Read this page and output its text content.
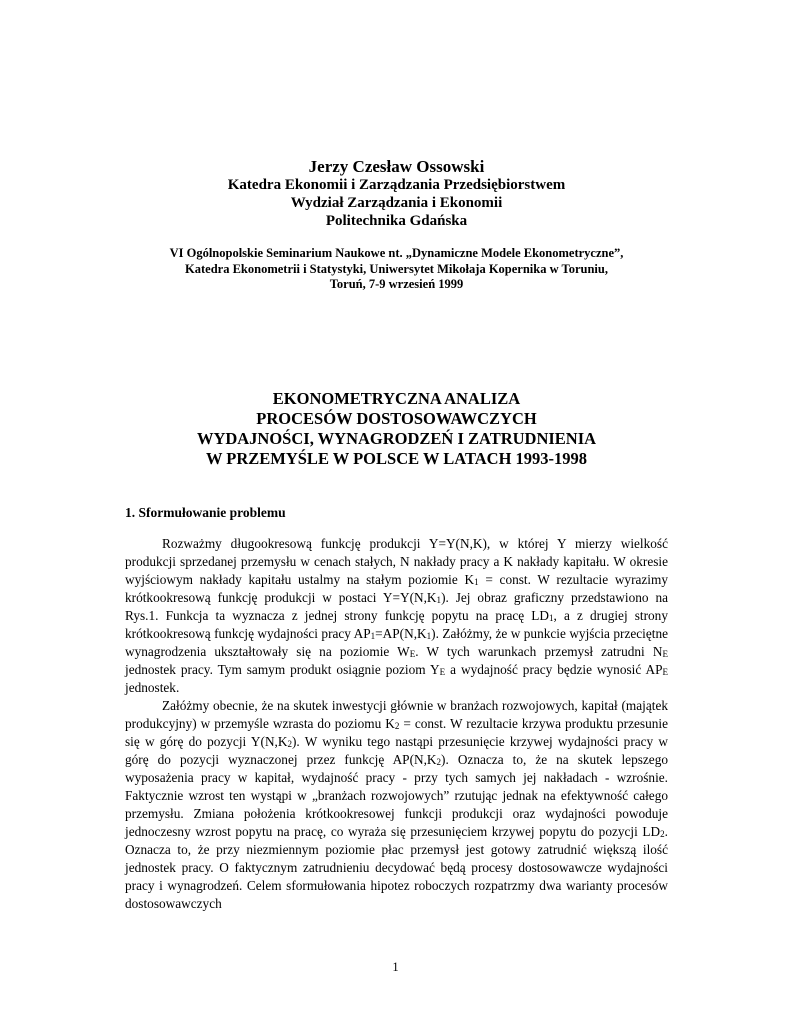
Jerzy Czesław Ossowski
Katedra Ekonomii i Zarządzania Przedsiębiorstwem
Wydział Zarządzania i Ekonomii
Politechnika Gdańska
VI Ogólnopolskie Seminarium Naukowe nt. „Dynamiczne Modele Ekonometryczne”,
Katedra Ekonometrii i Statystyki, Uniwersytet Mikołaja Kopernika w Toruniu,
Toruń, 7-9 wrzesień 1999
EKONOMETRYCZNA ANALIZA
PROCESÓW DOSTOSOWAWCZYCH
WYDAJNOŚCI, WYNAGRODZEŃ I ZATRUDNIENIA
W PRZEMYŚLE W POLSCE W LATACH 1993-1998
1. Sformułowanie problemu

Rozważmy długookresową funkcję produkcji Y=Y(N,K), w której Y mierzy wielkość produkcji sprzedanej przemysłu w cenach stałych, N nakłady pracy a K nakłady kapitału. W okresie wyjściowym nakłady kapitału ustalmy na stałym poziomie $K_1$ = const. W rezultacie wyrazimy krótkookresową funkcję produkcji w postaci $Y=Y(N,K_1)$. Jej obraz graficzny przedstawiono na Rys.1. Funkcja ta wyznacza z jednej strony funkcję popytu na pracę $LD_1$, a z drugiej strony krótkookresową funkcję wydajności pracy $AP_1=AP(N,K_1)$. Załóżmy, że w punkcie wyjścia przeciętne wynagrodzenia ukształtowały się na poziomie $W_E$. W tych warunkach przemysł zatrudni $N_E$ jednostek pracy. Tym samym produkt osiągnie poziom $Y_E$ a wydajność pracy będzie wynosić $AP_E$ jednostek.

Załóżmy obecnie, że na skutek inwestycji głównie w branżach rozwojowych, kapitał (majątek produkcyjny) w przemyśle wzrasta do poziomu $K_2$ = const. W rezultacie krzywa produktu przesunie się w górę do pozycji $Y(N,K_2)$. W wyniku tego nastąpi przesunięcie krzywej wydajności pracy w górę do pozycji wyznaczonej przez funkcję $AP(N,K_2)$. Oznacza to, że na skutek lepszego wyposażenia pracy w kapitał, wydajność pracy - przy tych samych jej nakładach - wzrośnie. Faktycznie wzrost ten wystąpi w „branżach rozwojowych” rzutując jednak na efektywność całego przemysłu. Zmiana położenia krótkookresowej funkcji produkcji oraz wydajności powoduje jednoczesny wzrost popytu na pracę, co wyraża się przesunięciem krzywej popytu do pozycji $LD_2$. Oznacza to, że przy niezmiennym poziomie płac przemysł jest gotowy zatrudnić większą ilość jednostek pracy. O faktycznym zatrudnieniu decydować będą procesy dostosowawcze wydajności pracy i wynagrodzeń. Celem sformułowania hipotez roboczych rozpatrzmy dwa warianty procesów dostosowawczych

1
